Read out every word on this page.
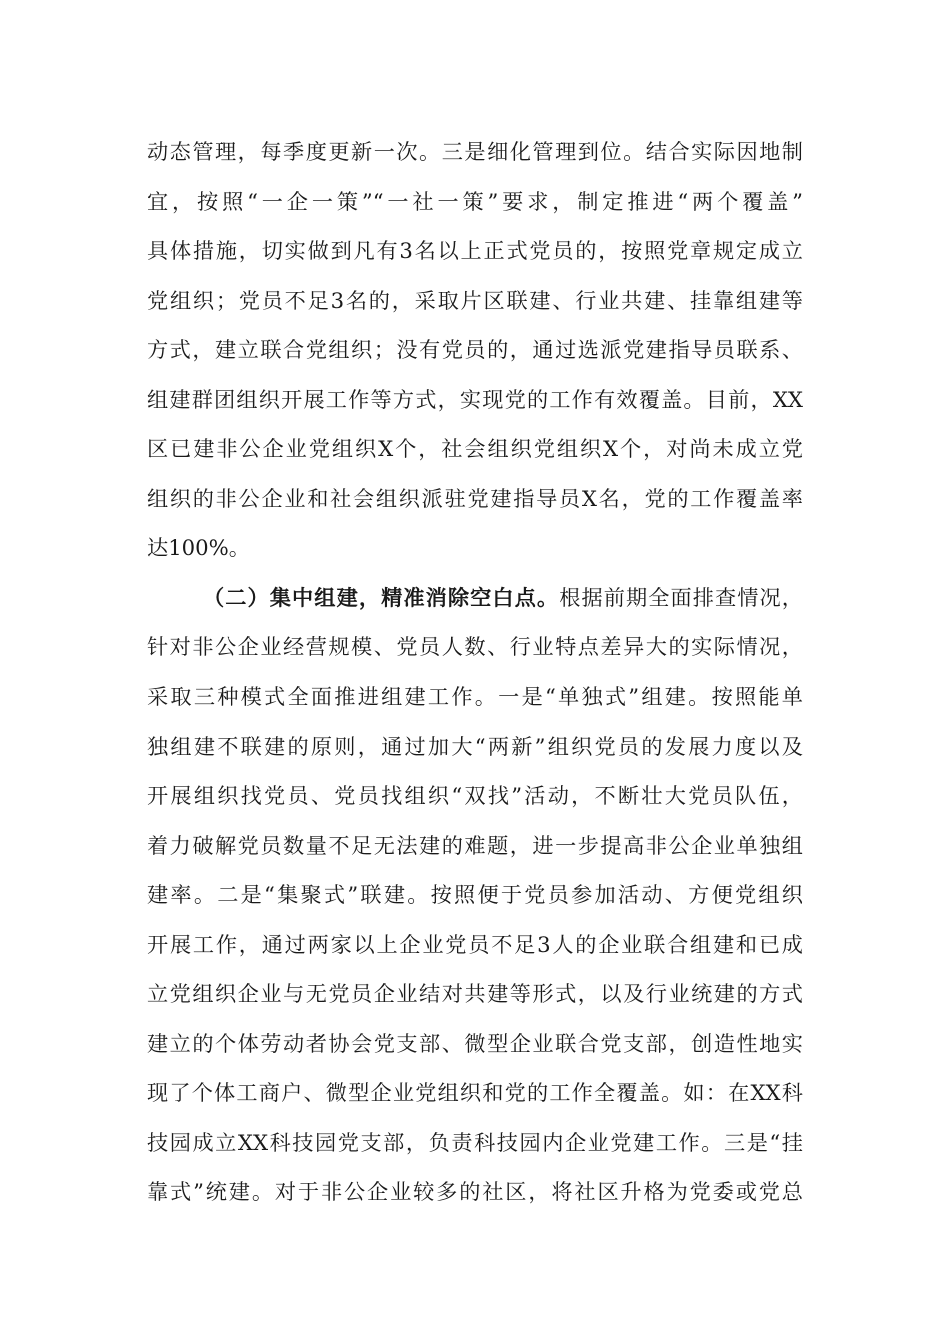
动态管理，每季度更新一次。三是细化管理到位。结合实际因地制
宜，按照“一企一策”“一社一策”要求，制定推进“两个覆盖”
具体措施，切实做到凡有3名以上正式党员的，按照党章规定成立
党组织；党员不足3名的，采取片区联建、行业共建、挂靠组建等
方式，建立联合党组织；没有党员的，通过选派党建指导员联系、
组建群团组织开展工作等方式，实现党的工作有效覆盖。目前，XX
区已建非公企业党组织X个，社会组织党组织X个，对尚未成立党
组织的非公企业和社会组织派驻党建指导员X名，党的工作覆盖率
达100%。
（二）集中组建，精准消除空白点。根据前期全面排查情况，
针对非公企业经营规模、党员人数、行业特点差异大的实际情况，
采取三种模式全面推进组建工作。一是“单独式”组建。按照能单
独组建不联建的原则，通过加大“两新”组织党员的发展力度以及
开展组织找党员、党员找组织“双找”活动，不断壮大党员队伍，
着力破解党员数量不足无法建的难题，进一步提高非公企业单独组
建率。二是“集聚式”联建。按照便于党员参加活动、方便党组织
开展工作，通过两家以上企业党员不足3人的企业联合组建和已成
立党组织企业与无党员企业结对共建等形式，以及行业统建的方式
建立的个体劳动者协会党支部、微型企业联合党支部，创造性地实
现了个体工商户、微型企业党组织和党的工作全覆盖。如：在XX科
技园成立XX科技园党支部，负责科技园内企业党建工作。三是“挂
靠式”统建。对于非公企业较多的社区，将社区升格为党委或党总
